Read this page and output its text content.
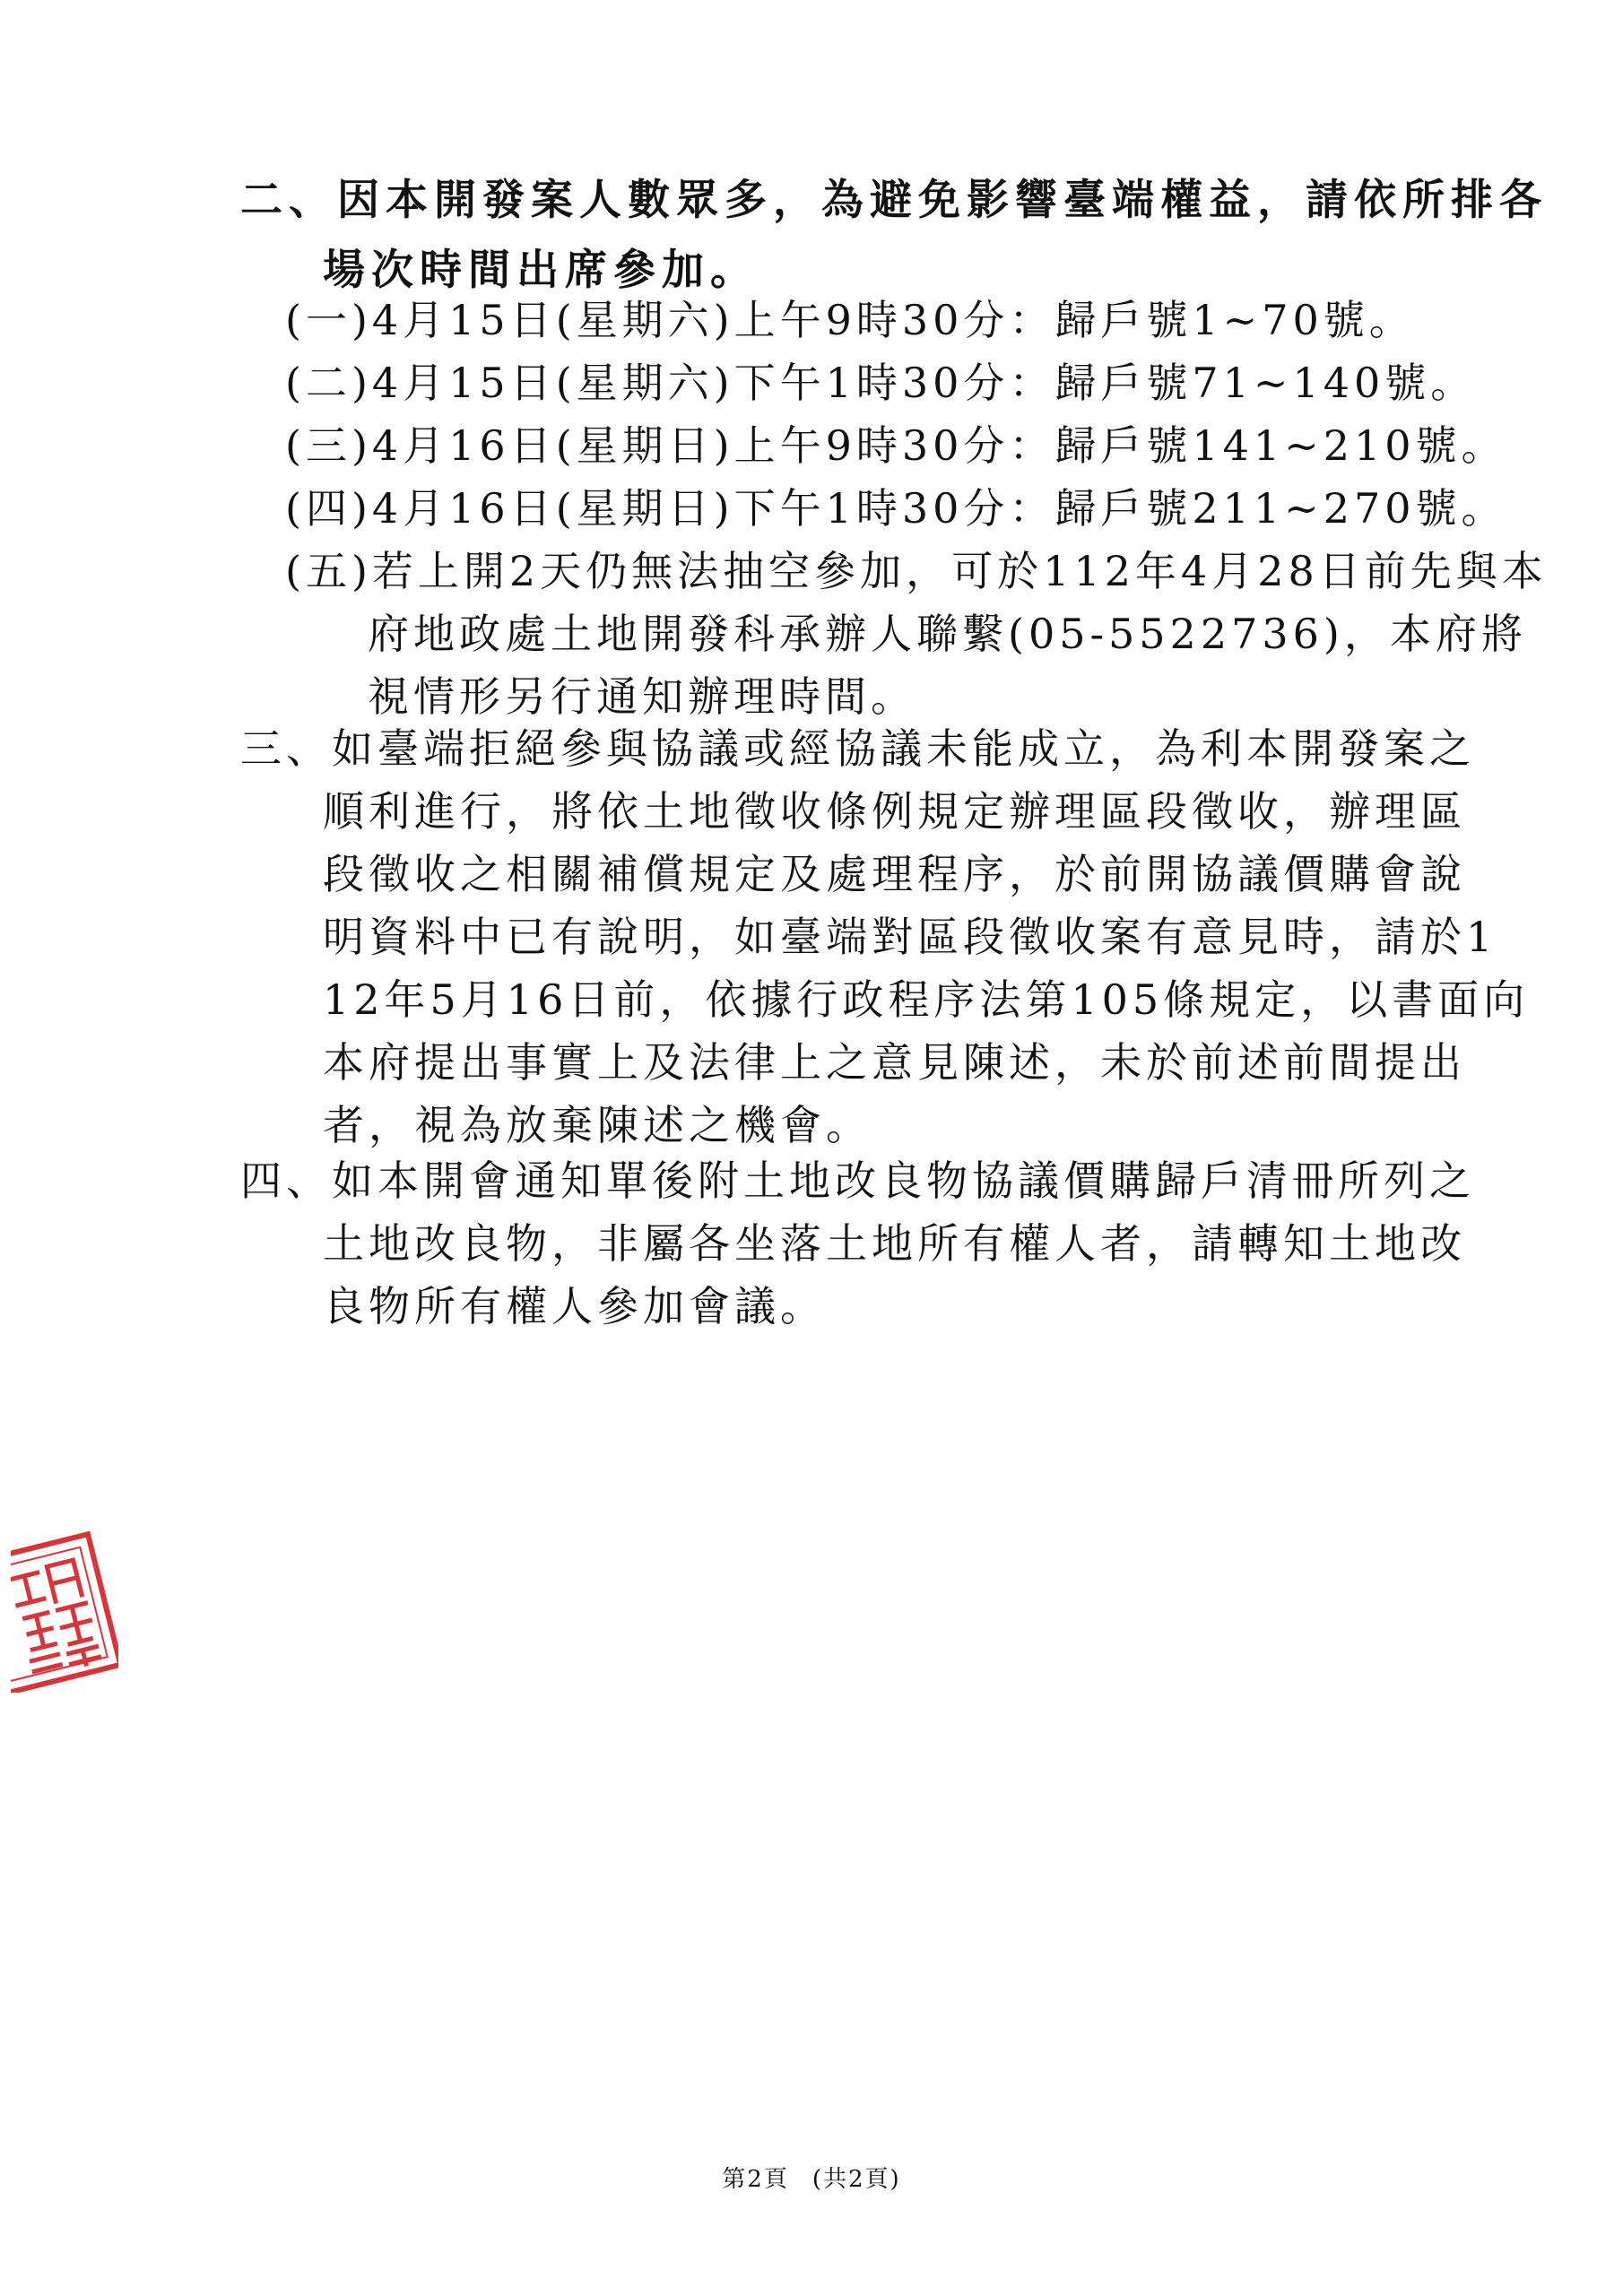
二、因本開發案人數眾多，為避免影響臺端權益，請依所排各
場次時間出席參加。
(一)4月15日(星期六)上午9時30分：歸戶號1~70號。
(二)4月15日(星期六)下午1時30分：歸戶號71~140號。
(三)4月16日(星期日)上午9時30分：歸戶號141~210號。
(四)4月16日(星期日)下午1時30分：歸戶號211~270號。
(五)若上開2天仍無法抽空參加，可於112年4月28日前先與本
府地政處土地開發科承辦人聯繫(05-5522736)，本府將
視情形另行通知辦理時間。
三、如臺端拒絕參與協議或經協議未能成立，為利本開發案之
順利進行，將依土地徵收條例規定辦理區段徵收，辦理區
段徵收之相關補償規定及處理程序，於前開協議價購會說
明資料中已有說明，如臺端對區段徵收案有意見時，請於1
12年5月16日前，依據行政程序法第105條規定，以書面向
本府提出事實上及法律上之意見陳述，未於前述前間提出
者，視為放棄陳述之機會。
四、如本開會通知單後附土地改良物協議價購歸戶清冊所列之
土地改良物，非屬各坐落土地所有權人者，請轉知土地改
良物所有權人參加會議。
第2頁 (共2頁)
